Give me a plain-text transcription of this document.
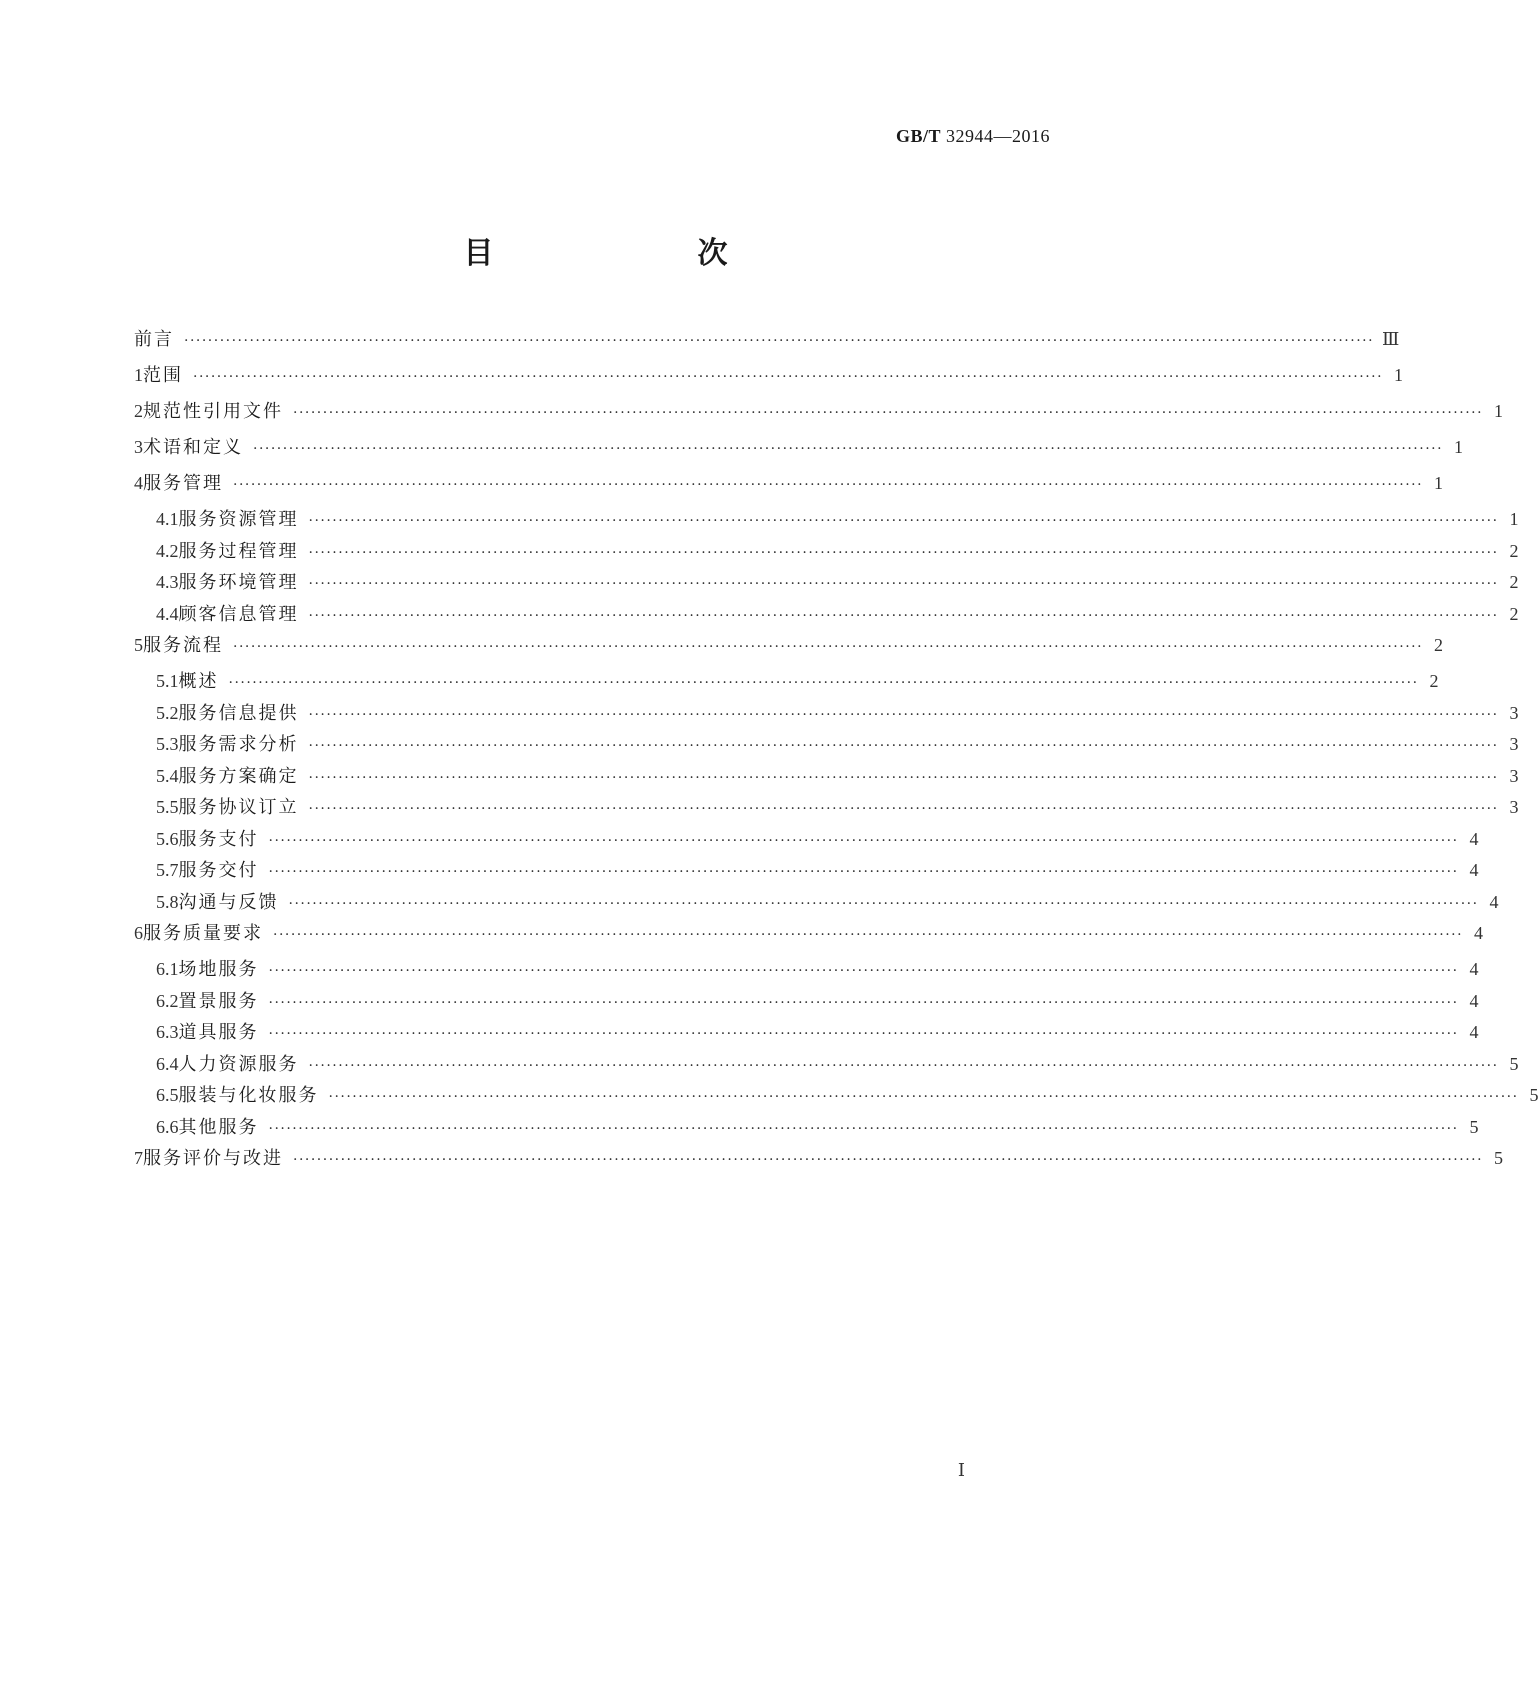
GB/T 32944—2016
目　　次
前言 ········································································································································································································ Ⅲ
1 范围 ········································································································································································································ 1
2 规范性引用文件 ········································································································································································································ 1
3 术语和定义 ········································································································································································································ 1
4 服务管理 ········································································································································································································ 1
4.1 服务资源管理 ········································································································································································································ 1
4.2 服务过程管理 ········································································································································································································ 2
4.3 服务环境管理 ········································································································································································································ 2
4.4 顾客信息管理 ········································································································································································································ 2
5 服务流程 ········································································································································································································ 2
5.1 概述 ········································································································································································································ 2
5.2 服务信息提供 ········································································································································································································ 3
5.3 服务需求分析 ········································································································································································································ 3
5.4 服务方案确定 ········································································································································································································ 3
5.5 服务协议订立 ········································································································································································································ 3
5.6 服务支付 ········································································································································································································ 4
5.7 服务交付 ········································································································································································································ 4
5.8 沟通与反馈 ········································································································································································································ 4
6 服务质量要求 ········································································································································································································ 4
6.1 场地服务 ········································································································································································································ 4
6.2 置景服务 ········································································································································································································ 4
6.3 道具服务 ········································································································································································································ 4
6.4 人力资源服务 ········································································································································································································ 5
6.5 服装与化妆服务 ········································································································································································································ 5
6.6 其他服务 ········································································································································································································ 5
7 服务评价与改进 ········································································································································································································ 5
Ⅰ
